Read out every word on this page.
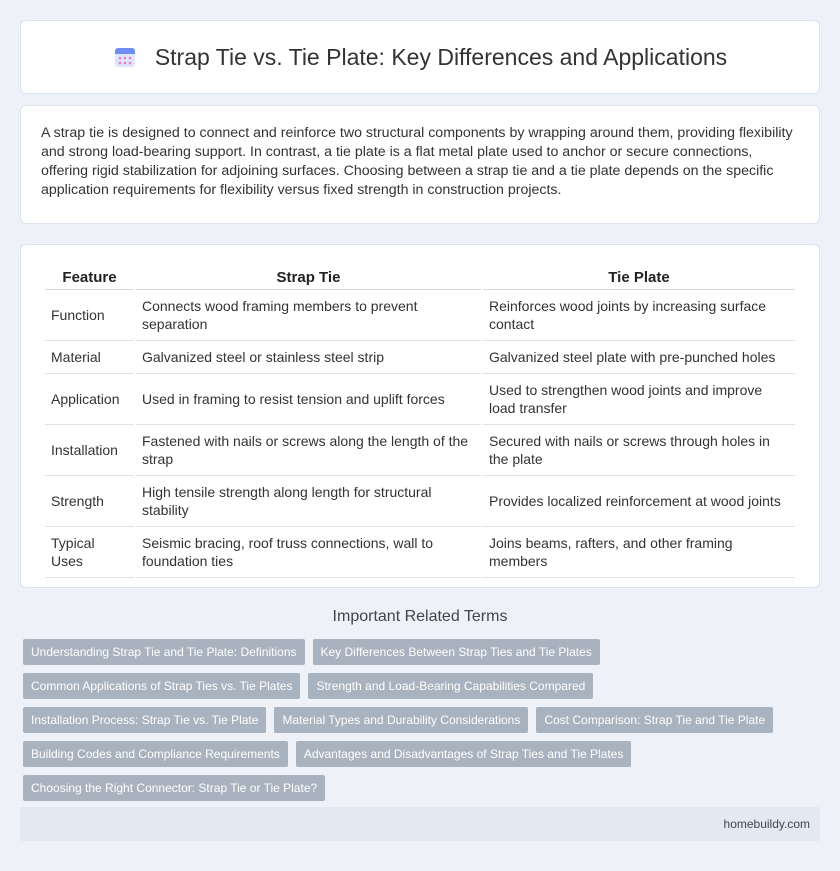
Strap Tie vs. Tie Plate: Key Differences and Applications

A strap tie is designed to connect and reinforce two structural components by wrapping around them, providing flexibility and strong load-bearing support. In contrast, a tie plate is a flat metal plate used to anchor or secure connections, offering rigid stabilization for adjoining surfaces. Choosing between a strap tie and a tie plate depends on the specific application requirements for flexibility versus fixed strength in construction projects.

Feature	Strap Tie	Tie Plate
Function	Connects wood framing members to prevent separation	Reinforces wood joints by increasing surface contact
Material	Galvanized steel or stainless steel strip	Galvanized steel plate with pre-punched holes
Application	Used in framing to resist tension and uplift forces	Used to strengthen wood joints and improve load transfer
Installation	Fastened with nails or screws along the length of the strap	Secured with nails or screws through holes in the plate
Strength	High tensile strength along length for structural stability	Provides localized reinforcement at wood joints
Typical Uses	Seismic bracing, roof truss connections, wall to foundation ties	Joins beams, rafters, and other framing members
Important Related Terms
Understanding Strap Tie and Tie Plate: Definitions	Key Differences Between Strap Ties and Tie Plates
Common Applications of Strap Ties vs. Tie Plates	Strength and Load-Bearing Capabilities Compared
Installation Process: Strap Tie vs. Tie Plate	Material Types and Durability Considerations	Cost Comparison: Strap Tie and Tie Plate
Building Codes and Compliance Requirements	Advantages and Disadvantages of Strap Ties and Tie Plates
Choosing the Right Connector: Strap Tie or Tie Plate?
homebuildy.com
